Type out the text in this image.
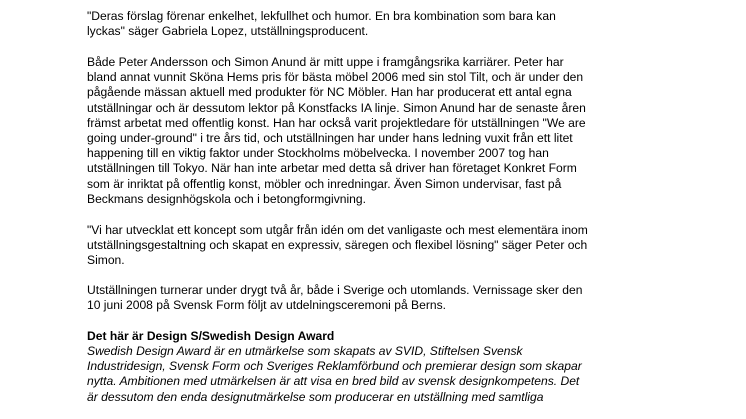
"Deras förslag förenar enkelhet, lekfullhet och humor. En bra kombination som bara kan
lyckas" säger Gabriela Lopez, utställningsproducent.

Både Peter Andersson och Simon Anund är mitt uppe i framgångsrika karriärer. Peter har
bland annat vunnit Sköna Hems pris för bästa möbel 2006 med sin stol Tilt, och är under den
pågående mässan aktuell med produkter för NC Möbler. Han har producerat ett antal egna
utställningar och är dessutom lektor på Konstfacks IA linje. Simon Anund har de senaste åren
främst arbetat med offentlig konst. Han har också varit projektledare för utställningen "We are
going under-ground" i tre års tid, och utställningen har under hans ledning vuxit från ett litet
happening till en viktig faktor under Stockholms möbelvecka. I november 2007 tog han
utställningen till Tokyo. När han inte arbetar med detta så driver han företaget Konkret Form
som är inriktat på offentlig konst, möbler och inredningar. Även Simon undervisar, fast på
Beckmans designhögskola och i betongformgivning.

"Vi har utvecklat ett koncept som utgår från idén om det vanligaste och mest elementära inom
utställningsgestaltning och skapat en expressiv, säregen och flexibel lösning" säger Peter och
Simon.

Utställningen turnerar under drygt två år, både i Sverige och utomlands. Vernissage sker den
10 juni 2008 på Svensk Form följt av utdelningsceremoni på Berns.

Det här är Design S/Swedish Design Award

Swedish Design Award är en utmärkelse som skapats av SVID, Stiftelsen Svensk
Industridesign, Svensk Form och Sveriges Reklamförbund och premierar design som skapar
nytta. Ambitionen med utmärkelsen är att visa en bred bild av svensk designkompetens. Det
är dessutom den enda designutmärkelse som producerar en utställning med samtliga
